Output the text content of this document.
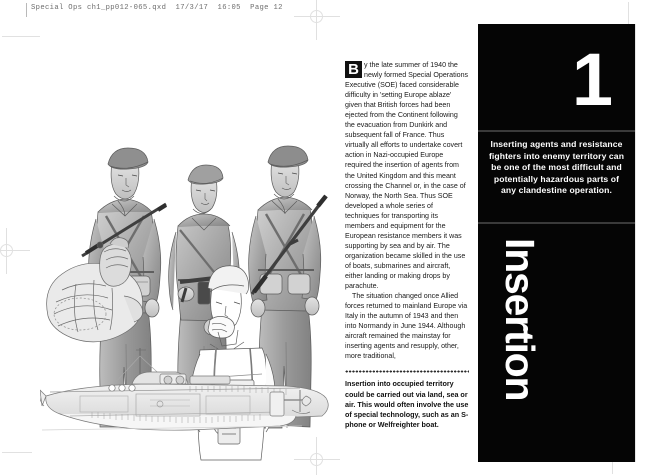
Special Ops ch1_pp012-065.qxd  17/3/17  16:05  Page 12
B y the late summer of 1940 the newly formed Special Operations Executive (SOE) faced considerable difficulty in 'setting Europe ablaze' given that British forces had been ejected from the Continent following the evacuation from Dunkirk and subsequent fall of France. Thus virtually all efforts to undertake covert action in Nazi-occupied Europe required the insertion of agents from the United Kingdom and this meant crossing the Channel or, in the case of Norway, the North Sea. Thus SOE developed a whole series of techniques for transporting its members and equipment for the European resistance members it was supporting by sea and by air. The organization became skilled in the use of boats, submarines and aircraft, either landing or making drops by parachute.

The situation changed once Allied forces returned to mainland Europe via Italy in the autumn of 1943 and then into Normandy in June 1944. Although aircraft remained the mainstay for inserting agents and resupply, other, more traditional,

Insertion into occupied territory could be carried out via land, sea or air. This would often involve the use of special technology, such as an S-phone or Welfreighter boat.

1
Inserting agents and resistance fighters into enemy territory can be one of the most difficult and potentially hazardous parts of any clandestine operation.
Insertion
